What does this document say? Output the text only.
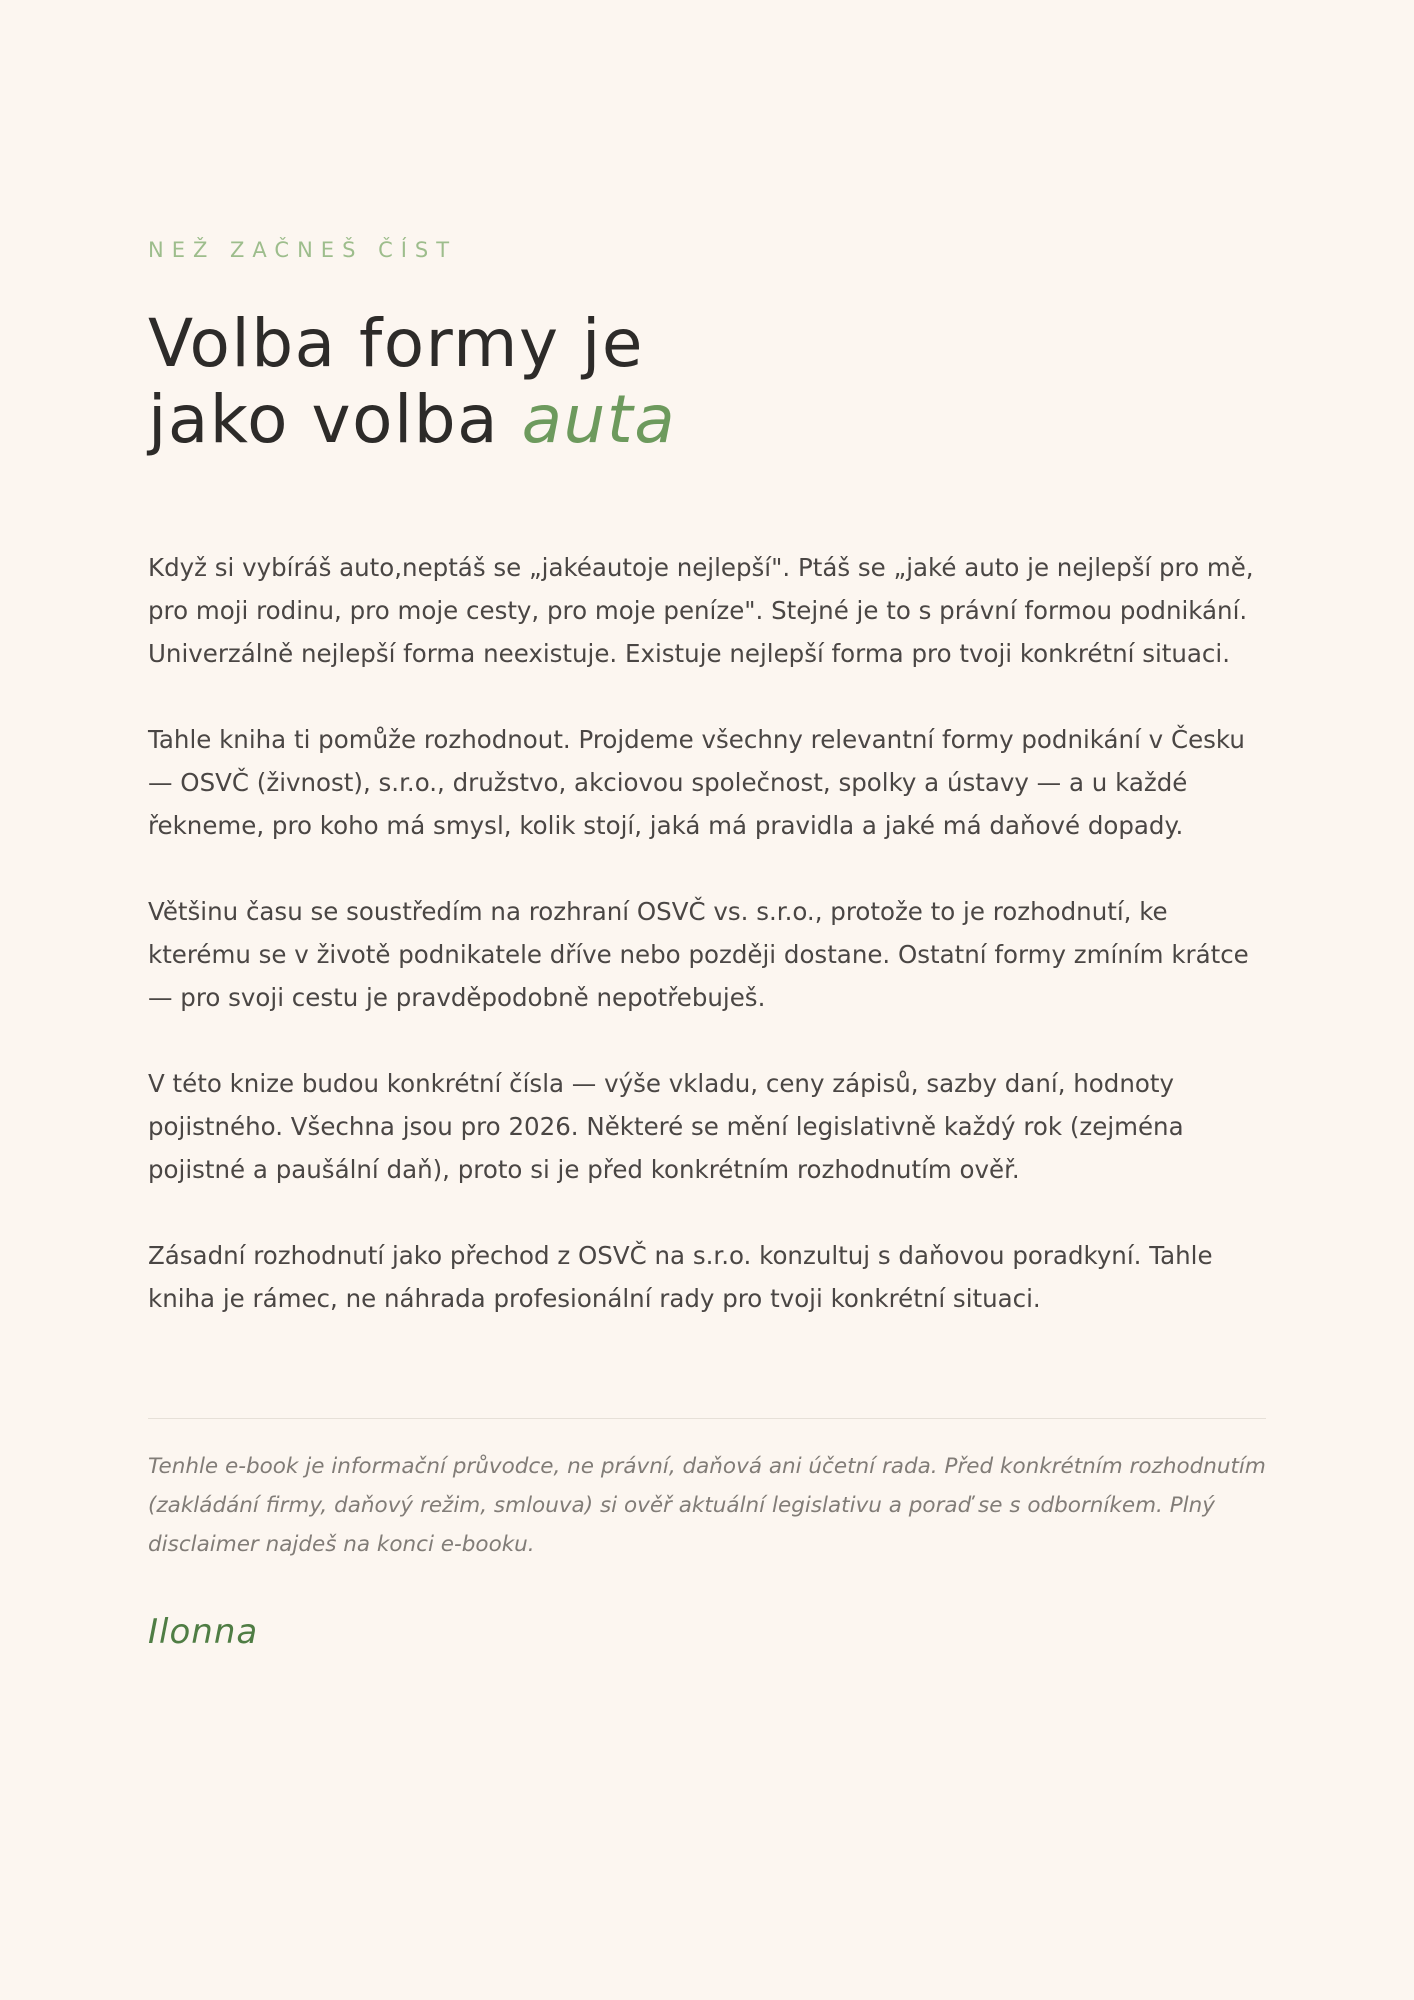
NEŽ ZAČNEŠ ČÍST
Volba formy je
jako volba auta

Když si vybíráš auto,neptáš se „jakéautoje nejlepší". Ptáš se „jaké auto je nejlepší pro mě, pro moji rodinu, pro moje cesty, pro moje peníze". Stejné je to s právní formou podnikání. Univerzálně nejlepší forma neexistuje. Existuje nejlepší forma pro tvoji konkrétní situaci.

Tahle kniha ti pomůže rozhodnout. Projdeme všechny relevantní formy podnikání v Česku — OSVČ (živnost), s.r.o., družstvo, akciovou společnost, spolky a ústavy — a u každé řekneme, pro koho má smysl, kolik stojí, jaká má pravidla a jaké má daňové dopady.

Většinu času se soustředím na rozhraní OSVČ vs. s.r.o., protože to je rozhodnutí, ke kterému se v životě podnikatele dříve nebo později dostane. Ostatní formy zmíním krátce — pro svoji cestu je pravděpodobně nepotřebuješ.

V této knize budou konkrétní čísla — výše vkladu, ceny zápisů, sazby daní, hodnoty pojistného. Všechna jsou pro 2026. Některé se mění legislativně každý rok (zejména pojistné a paušální daň), proto si je před konkrétním rozhodnutím ověř.

Zásadní rozhodnutí jako přechod z OSVČ na s.r.o. konzultuj s daňovou poradkyní. Tahle kniha je rámec, ne náhrada profesionální rady pro tvoji konkrétní situaci.

Tenhle e-book je informační průvodce, ne právní, daňová ani účetní rada. Před konkrétním rozhodnutím (zakládání firmy, daňový režim, smlouva) si ověř aktuální legislativu a poraď se s odborníkem. Plný disclaimer najdeš na konci e-booku.

Ilonna
